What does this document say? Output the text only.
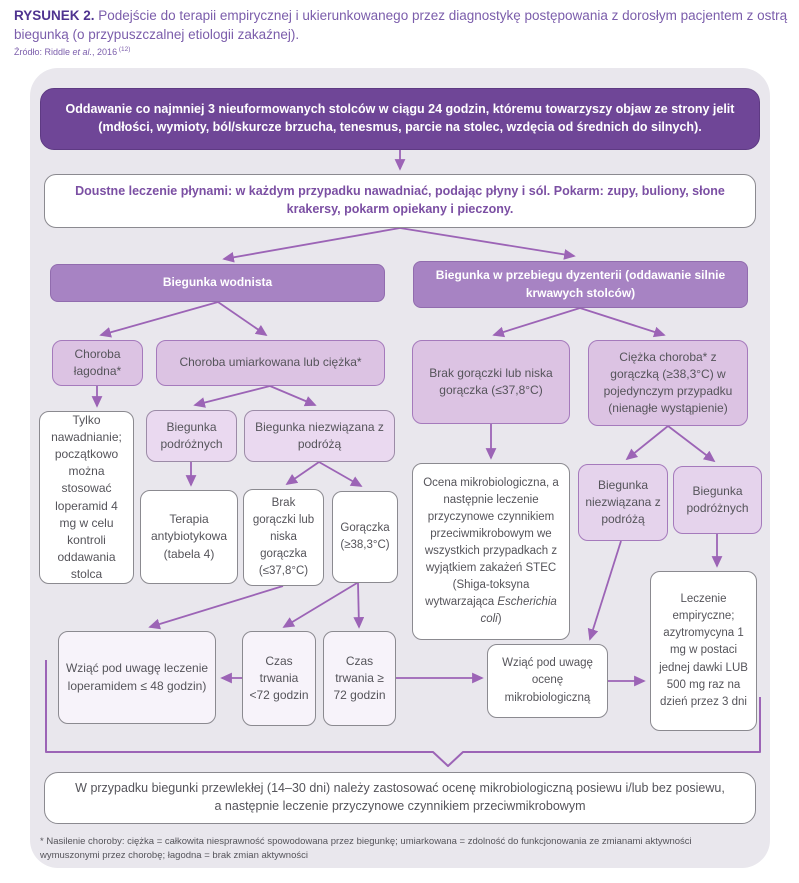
RYSUNEK 2. Podejście do terapii empirycznej i ukierunkowanego przez diagnostykę postępowania z dorosłym pacjentem z ostrą biegunką (o przypuszczalnej etiologii zakaźnej).

Źródło: Riddle et al., 2016  $^{(12)}$

Oddawanie co najmniej 3 nieuformowanych stolców w ciągu 24 godzin, któremu towarzyszy objaw ze strony jelit (mdłości, wymioty, ból/skurcze brzucha, tenesmus, parcie na stolec, wzdęcia od średnich do silnych).
Doustne leczenie płynami: w każdym przypadku nawadniać, podając płyny i sól. Pokarm: zupy, buliony, słone krakersy, pokarm opiekany i pieczony.
Biegunka wodnista
Biegunka w przebiegu dyzenterii (oddawanie silnie krwawych stolców)
Choroba łagodna*
Choroba umiarkowana lub ciężka*
Brak gorączki lub niska gorączka (≤37,8°C)
Ciężka choroba* z gorączką (≥38,3°C) w pojedynczym przypadku (nienagłe wystąpienie)
Tylko nawadnianie; początkowo można stosować loperamid 4 mg w celu kontroli oddawania stolca
Biegunka podróżnych
Biegunka niezwiązana z podróżą
Terapia antybiotykowa (tabela 4)
Brak gorączki lub niska gorączka (≤37,8°C)
Gorączka (≥38,3°C)
Ocena mikrobiologiczna, a następnie leczenie przyczynowe czynnikiem przeciwmikrobowym we wszystkich przypadkach z wyjątkiem zakażeń STEC (Shiga-toksyna wytwarzająca Escherichia coli)
Biegunka niezwiązana z podróżą
Biegunka podróżnych
Leczenie empiryczne; azytromycyna 1 mg w postaci jednej dawki LUB 500 mg raz na dzień przez 3 dni
Wziąć pod uwagę leczenie loperamidem ≤ 48 godzin)
Czas trwania <72 godzin
Czas trwania ≥ 72 godzin
Wziąć pod uwagę ocenę mikrobiologiczną
W przypadku biegunki przewlekłej (14–30 dni) należy zastosować ocenę mikrobiologiczną posiewu i/lub bez posiewu, a następnie leczenie przyczynowe czynnikiem przeciwmikrobowym
* Nasilenie choroby: ciężka = całkowita niesprawność spowodowana przez biegunkę; umiarkowana = zdolność do funkcjonowania ze zmianami aktywności wymuszonymi przez chorobę; łagodna = brak zmian aktywności
